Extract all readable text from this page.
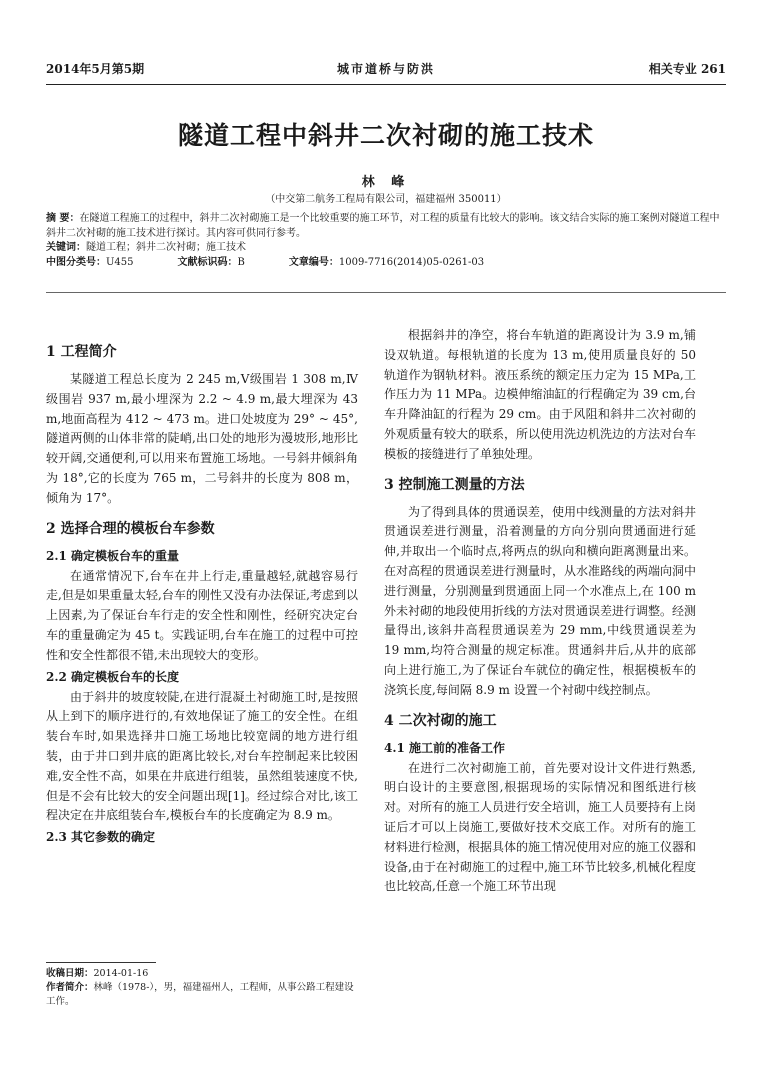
2014年5月第5期	城市道桥与防洪	相关专业 261
隧道工程中斜井二次衬砌的施工技术
林 峰
（中交第二航务工程局有限公司，福建福州 350011）
摘 要：在隧道工程施工的过程中，斜井二次衬砌施工是一个比较重要的施工环节，对工程的质量有比较大的影响。该文结合实际的施工案例对隧道工程中斜井二次衬砌的施工技术进行探讨。其内容可供同行参考。
关键词：隧道工程；斜井二次衬砌；施工技术
中图分类号：U455	文献标识码：B	文章编号：1009-7716(2014)05-0261-03
1 工程简介

某隧道工程总长度为 2 245 m,Ⅴ级围岩 1 308 m,Ⅳ级围岩 937 m,最小埋深为 2.2 ~ 4.9 m,最大埋深为 43 m,地面高程为 412 ~ 473 m。进口处坡度为 29° ~ 45°,隧道两侧的山体非常的陡峭,出口处的地形为漫坡形,地形比较开阔,交通便利,可以用来布置施工场地。一号斜井倾斜角为 18°,它的长度为 765 m，二号斜井的长度为 808 m，倾角为 17°。

2 选择合理的模板台车参数
2.1 确定模板台车的重量

在通常情况下,台车在井上行走,重量越轻,就越容易行走,但是如果重量太轻,台车的刚性又没有办法保证,考虑到以上因素,为了保证台车行走的安全性和刚性，经研究决定台车的重量确定为 45 t。实践证明,台车在施工的过程中可控性和安全性都很不错,未出现较大的变形。

2.2 确定模板台车的长度

由于斜井的坡度较陡,在进行混凝土衬砌施工时,是按照从上到下的顺序进行的,有效地保证了施工的安全性。在组装台车时,如果选择井口施工场地比较宽阔的地方进行组装，由于井口到井底的距离比较长,对台车控制起来比较困难,安全性不高，如果在井底进行组装，虽然组装速度不快,但是不会有比较大的安全问题出现[1]。经过综合对比,该工程决定在井底组装台车,模板台车的长度确定为 8.9 m。

2.3 其它参数的确定

根据斜井的净空，将台车轨道的距离设计为 3.9 m,铺设双轨道。每根轨道的长度为 13 m,使用质量良好的 50 轨道作为钢轨材料。液压系统的额定压力定为 15 MPa,工作压力为 11 MPa。边模伸缩油缸的行程确定为 39 cm,台车升降油缸的行程为 29 cm。由于风阻和斜井二次衬砌的外观质量有较大的联系，所以使用洗边机洗边的方法对台车模板的接缝进行了单独处理。

3 控制施工测量的方法

为了得到具体的贯通误差，使用中线测量的方法对斜井贯通误差进行测量，沿着测量的方向分别向贯通面进行延伸,并取出一个临时点,将两点的纵向和横向距离测量出来。在对高程的贯通误差进行测量时，从水准路线的两端向洞中进行测量，分别测量到贯通面上同一个水准点上,在 100 m 外未衬砌的地段使用折线的方法对贯通误差进行调整。经测量得出,该斜井高程贯通误差为 29 mm,中线贯通误差为 19 mm,均符合测量的规定标准。贯通斜井后,从井的底部向上进行施工,为了保证台车就位的确定性，根据模板车的浇筑长度,每间隔 8.9 m 设置一个衬砌中线控制点。

4 二次衬砌的施工
4.1 施工前的准备工作

在进行二次衬砌施工前，首先要对设计文件进行熟悉,明白设计的主要意图,根据现场的实际情况和图纸进行核对。对所有的施工人员进行安全培训，施工人员要持有上岗证后才可以上岗施工,要做好技术交底工作。对所有的施工材料进行检测，根据具体的施工情况使用对应的施工仪器和设备,由于在衬砌施工的过程中,施工环节比较多,机械化程度也比较高,任意一个施工环节出现

收稿日期：2014-01-16
作者简介：林峰（1978-），男，福建福州人，工程师，从事公路工程建设工作。
